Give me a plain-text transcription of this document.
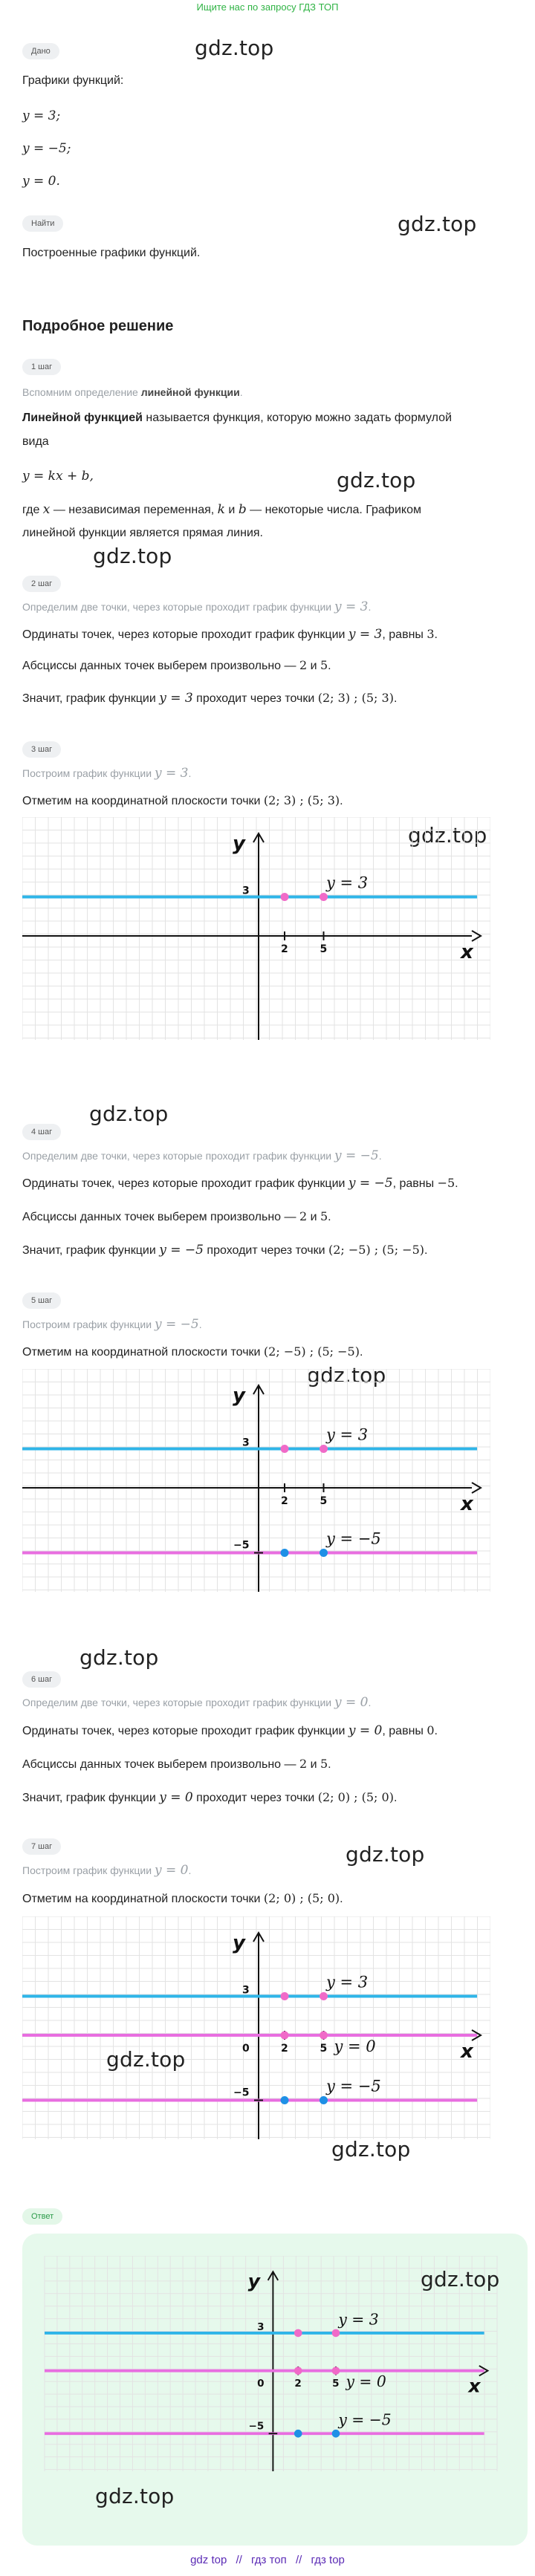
Ищите нас по запросу ГДЗ ТОП
gdz.top
gdz.top
gdz.top
gdz.top
gdz.top
gdz.top
gdz.top
gdz.top
gdz.top
Дано
Графики функций:
y = 3;
y = −5;
y = 0.
Найти
Построенные графики функций.
Подробное решение
1 шаг
Вспомним определение линейной функции.
Линейной функцией называется функция, которую можно задать формулой
вида
y = kx + b,
где x — независимая переменная, k и b — некоторые числа. Графиком
линейной функции является прямая линия.
2 шаг
Определим две точки, через которые проходит график функции y = 3.
Ординаты точек, через которые проходит график функции y = 3, равны 3.
Абсциссы данных точек выберем произвольно — 2 и 5.
Значит, график функции y = 3 проходит через точки (2; 3) ; (5; 3).
3 шаг
Построим график функции y = 3.
Отметим на координатной плоскости точки (2; 3) ; (5; 3).
x
y
2	5
3	y = 3
4 шаг
Определим две точки, через которые проходит график функции y = −5.
Ординаты точек, через которые проходит график функции y = −5, равны −5.
Абсциссы данных точек выберем произвольно — 2 и 5.
Значит, график функции y = −5 проходит через точки (2; −5) ; (5; −5).
5 шаг
Построим график функции y = −5.
Отметим на координатной плоскости точки (2; −5) ; (5; −5).
x
y
2	5
3	y = 3
y = −5
−5
6 шаг
Определим две точки, через которые проходит график функции y = 0.
Ординаты точек, через которые проходит график функции y = 0, равны 0.
Абсциссы данных точек выберем произвольно — 2 и 5.
Значит, график функции y = 0 проходит через точки (2; 0) ; (5; 0).
7 шаг
Построим график функции y = 0.
Отметим на координатной плоскости точки (2; 0) ; (5; 0).
x
y
2	5
3	y = 3
y = −5
−5
0	y = 0
gdz.top
gdz.top
Ответ
x
y
2	5
3	y = 3
y = −5
−5
0	y = 0
gdz.top
gdz.top
gdz top // гдз топ // гдз top
